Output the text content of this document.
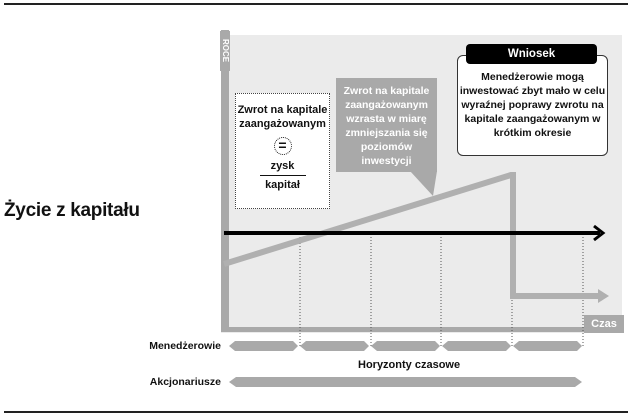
Życie z kapitału
ROCE
Zwrot na kapitale zaangażowanym
=
zysk
kapitał
Zwrot na kapitale zaangażowanym wzrasta w miarę zmniejszania się poziomów inwestycji
Menedżerowie mogą inwestować zbyt mało w celu wyraźnej poprawy zwrotu na kapitale zaangażowanym w krótkim okresie
Wniosek
Czas
Menedżerowie
Horyzonty czasowe
Akcjonariusze
